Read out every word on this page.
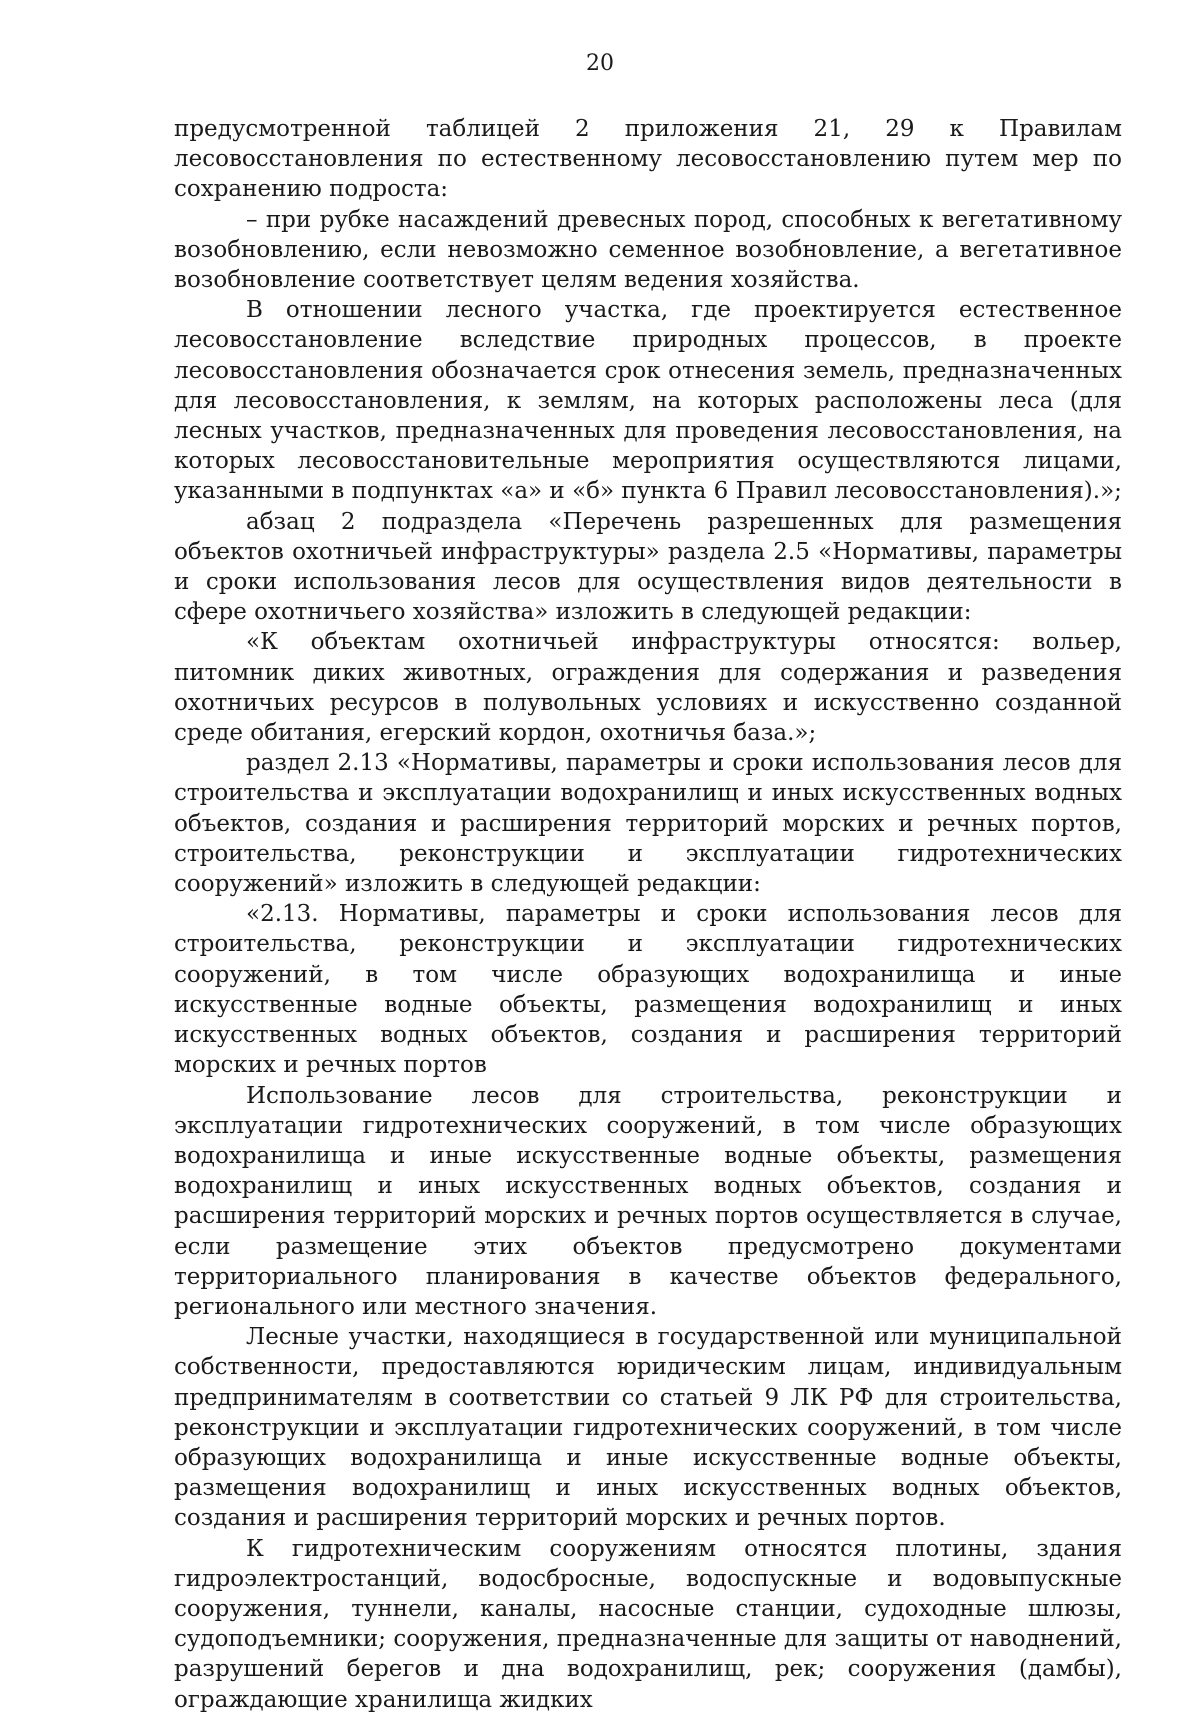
20

предусмотренной таблицей 2 приложения 21, 29 к Правилам лесовосстановления по естественному лесовосстановлению путем мер по сохранению подроста:

– при рубке насаждений древесных пород, способных к вегетативному возобновлению, если невозможно семенное возобновление, а вегетативное возобновление соответствует целям ведения хозяйства.

В отношении лесного участка, где проектируется естественное лесовосстановление вследствие природных процессов, в проекте лесовосстановления обозначается срок отнесения земель, предназначенных для лесовосстановления, к землям, на которых расположены леса (для лесных участков, предназначенных для проведения лесовосстановления, на которых лесовосстановительные мероприятия осуществляются лицами, указанными в подпунктах «а» и «б» пункта 6 Правил лесовосстановления).»;

абзац 2 подраздела «Перечень разрешенных для размещения объектов охотничьей инфраструктуры» раздела 2.5 «Нормативы, параметры и сроки использования лесов для осуществления видов деятельности в сфере охотничьего хозяйства» изложить в следующей редакции:

«К объектам охотничьей инфраструктуры относятся: вольер, питомник диких животных, ограждения для содержания и разведения охотничьих ресурсов в полувольных условиях и искусственно созданной среде обитания, егерский кордон, охотничья база.»;

раздел 2.13 «Нормативы, параметры и сроки использования лесов для строительства и эксплуатации водохранилищ и иных искусственных водных объектов, создания и расширения территорий морских и речных портов, строительства, реконструкции и эксплуатации гидротехнических сооружений» изложить в следующей редакции:

«2.13. Нормативы, параметры и сроки использования лесов для строительства, реконструкции и эксплуатации гидротехнических сооружений, в том числе образующих водохранилища и иные искусственные водные объекты, размещения водохранилищ и иных искусственных водных объектов, создания и расширения территорий морских и речных портов

Использование лесов для строительства, реконструкции и эксплуатации гидротехнических сооружений, в том числе образующих водохранилища и иные искусственные водные объекты, размещения водохранилищ и иных искусственных водных объектов, создания и расширения территорий морских и речных портов осуществляется в случае, если размещение этих объектов предусмотрено документами территориального планирования в качестве объектов федерального, регионального или местного значения.

Лесные участки, находящиеся в государственной или муниципальной собственности, предоставляются юридическим лицам, индивидуальным предпринимателям в соответствии со статьей 9 ЛК РФ для строительства, реконструкции и эксплуатации гидротехнических сооружений, в том числе образующих водохранилища и иные искусственные водные объекты, размещения водохранилищ и иных искусственных водных объектов, создания и расширения территорий морских и речных портов.

К гидротехническим сооружениям относятся плотины, здания гидроэлектростанций, водосбросные, водоспускные и водовыпускные сооружения, туннели, каналы, насосные станции, судоходные шлюзы, судоподъемники; сооружения, предназначенные для защиты от наводнений, разрушений берегов и дна водохранилищ, рек; сооружения (дамбы), ограждающие хранилища жидких
